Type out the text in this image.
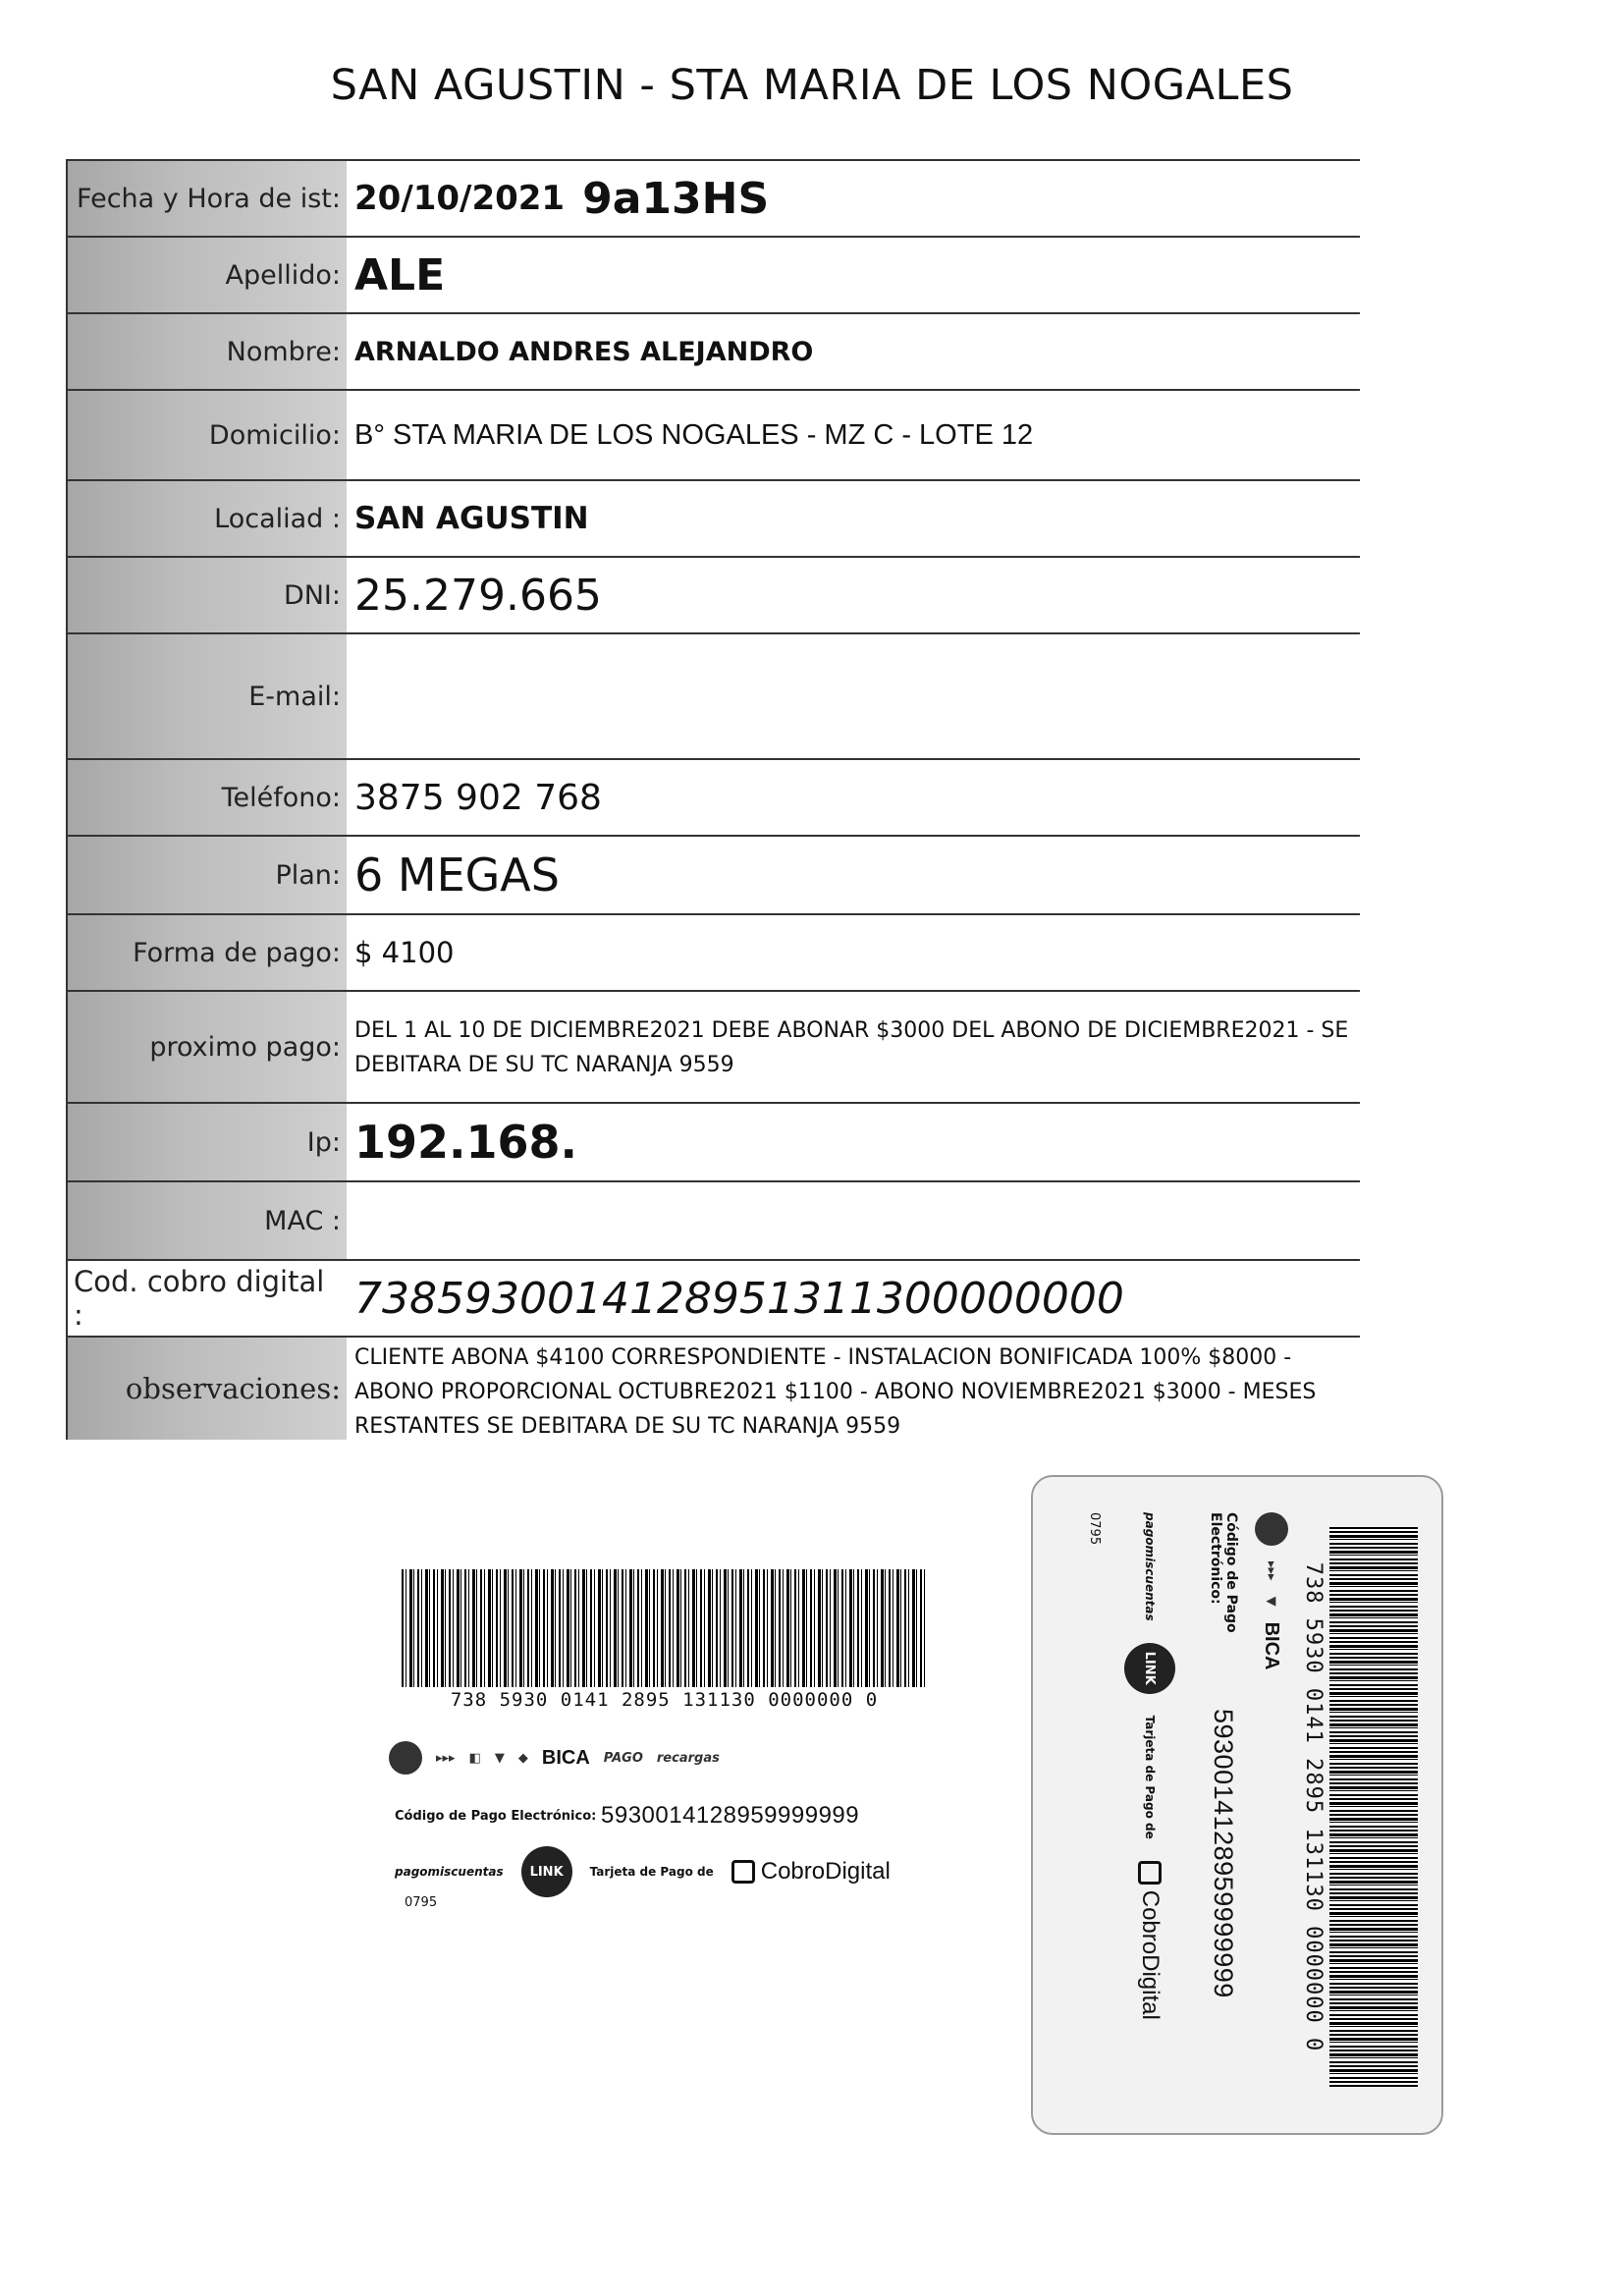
SAN AGUSTIN - STA MARIA DE LOS NOGALES
Fecha y Hora de ist: 20/10/2021 9a13HS
Apellido: ALE
Nombre: ARNALDO ANDRES ALEJANDRO
Domicilio: B° STA MARIA DE LOS NOGALES - MZ C - LOTE 12
Localiad : SAN AGUSTIN
DNI: 25.279.665
E-mail:
Teléfono: 3875 902 768
Plan: 6 MEGAS
Forma de pago: $ 4100
proximo pago:
DEL 1 AL 10 DE DICIEMBRE2021 DEBE ABONAR $3000 DEL ABONO DE DICIEMBRE2021 - SE DEBITARA DE SU TC NARANJA 9559
Ip: 192.168.
MAC :
Cod. cobro digital :	7385930014128951311300000000
observaciones:
CLIENTE ABONA $4100 CORRESPONDIENTE - INSTALACION BONIFICADA 100% $8000 - ABONO PROPORCIONAL OCTUBRE2021 $1100 - ABONO NOVIEMBRE2021 $3000 - MESES RESTANTES SE DEBITARA DE SU TC NARANJA 9559
738 5930 0141 2895 131130 0000000 0
▸▸▸ ◧ ▼ ◆ BICA PAGO recargas
Código de Pago Electrónico: 5930014128959999999
pagomiscuentas	LINK	Tarjeta de Pago de CobroDigital
0795	738 5930 0141 2895 131130 0000000 0
▸▸▸
▼
BICA
Código de Pago Electrónico:
5930014128959999999
pagomiscuentas
LINK
Tarjeta de Pago de
CobroDigital
0795
